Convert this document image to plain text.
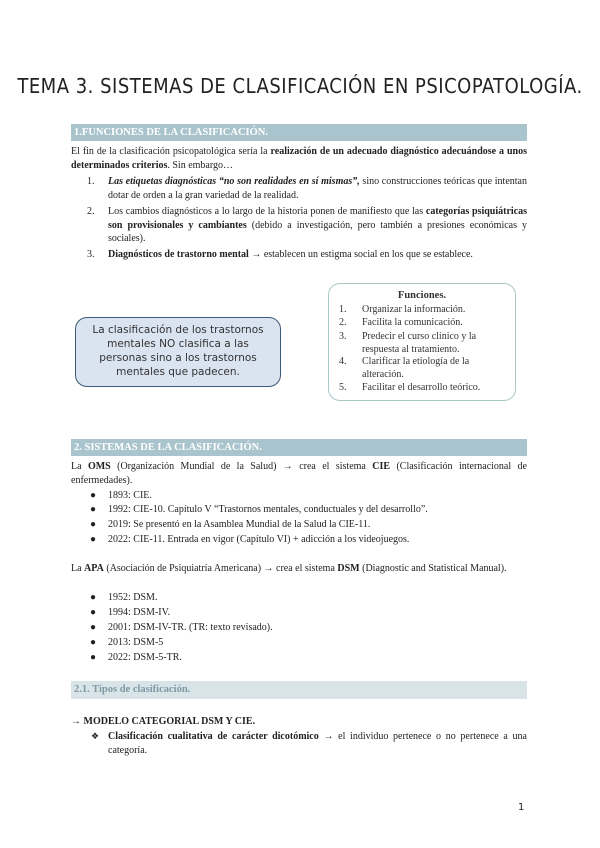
TEMA 3. SISTEMAS DE CLASIFICACIÓN EN PSICOPATOLOGÍA.
1.FUNCIONES DE LA CLASIFICACIÓN.
El fin de la clasificación psicopatológica sería la realización de un adecuado diagnóstico adecuándose a unos determinados criterios. Sin embargo…
1.	Las etiquetas diagnósticas “no son realidades en sí mismas”, sino construcciones teóricas que intentan dotar de orden a la gran variedad de la realidad.
2.	Los cambios diagnósticos a lo largo de la historia ponen de manifiesto que las categorías psiquiátricas son provisionales y cambiantes (debido a investigación, pero también a presiones económicas y sociales).
3.	Diagnósticos de trastorno mental → establecen un estigma social en los que se establece.
La clasificación de los trastornos mentales NO clasifica a las personas sino a los trastornos mentales que padecen.
Funciones.
1. Organizar la información.
2. Facilita la comunicación.
3. Predecir el curso clínico y la respuesta al tratamiento.
4. Clarificar la etiología de la alteración.
5. Facilitar el desarrollo teórico.
2. SISTEMAS DE LA CLASIFICACIÓN.
La OMS (Organización Mundial de la Salud) → crea el sistema CIE (Clasificación internacional de enfermedades).
● 1893: CIE.
● 1992: CIE-10. Capítulo V “Trastornos mentales, conductuales y del desarrollo”.
● 2019: Se presentó en la Asamblea Mundial de la Salud la CIE-11.
● 2022: CIE-11. Entrada en vigor (Capítulo VI) + adicción a los videojuegos.
La APA (Asociación de Psiquiatría Americana) → crea el sistema DSM (Diagnostic and Statistical Manual).
● 1952: DSM.
● 1994: DSM-IV.
● 2001: DSM-IV-TR. (TR: texto revisado).
● 2013: DSM-5
● 2022: DSM-5-TR.
2.1. Tipos de clasificación.
→ MODELO CATEGORIAL DSM Y CIE.
❖ Clasificación cualitativa de carácter dicotómico → el individuo pertenece o no pertenece a una categoría.
1
